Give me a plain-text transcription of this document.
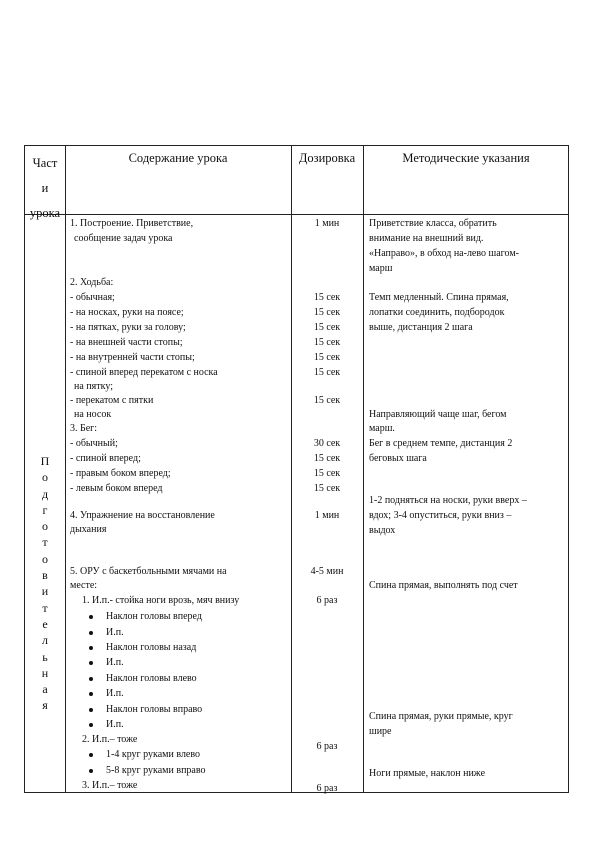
Част
и
урока
Содержание урока	Дозировка	Методические указания
П
о
д
г
о
т
о
в
и
т
е
л
ь
н
а
я
1. Построение. Приветствие,
сообщение задач урока
2. Ходьба:
- обычная;
- на носках, руки на поясе;
- на пятках, руки за голову;
- на внешней части стопы;
- на внутренней части стопы;
- спиной вперед перекатом с носка
на пятку;
- перекатом с пятки
на носок
3. Бег:
- обычный;
- спиной вперед;
- правым боком вперед;
- левым боком вперед
4. Упражнение на восстановление
дыхания
5. ОРУ с баскетбольными мячами на
месте:
1. И.п.- стойка ноги врозь, мяч внизу
Наклон головы вперед
И.п.
Наклон головы назад
И.п.
Наклон головы влево
И.п.
Наклон головы вправо
И.п.
2. И.п.– тоже
1-4 круг руками влево
5-8 круг руками вправо
3. И.п.– тоже
1 мин
15 сек
15 сек
15 сек
15 сек
15 сек
15 сек
15 сек
30 сек
15 сек
15 сек
15 сек
1 мин
4-5 мин
6 раз
6 раз
6 раз
Приветствие класса, обратить
внимание на внешний вид.
«Направо», в обход на-лево шагом-
марш
Темп медленный. Спина прямая,
лопатки соединить, подбородок
выше, дистанция 2 шага
Направляющий чаще шаг, бегом
марш.
Бег в среднем темпе, дистанция 2
беговых шага
1-2 подняться на носки, руки вверх –
вдох; 3-4 опуститься, руки вниз –
выдох
Спина прямая, выполнять под счет
Спина прямая, руки прямые, круг
шире
Ноги прямые, наклон ниже
